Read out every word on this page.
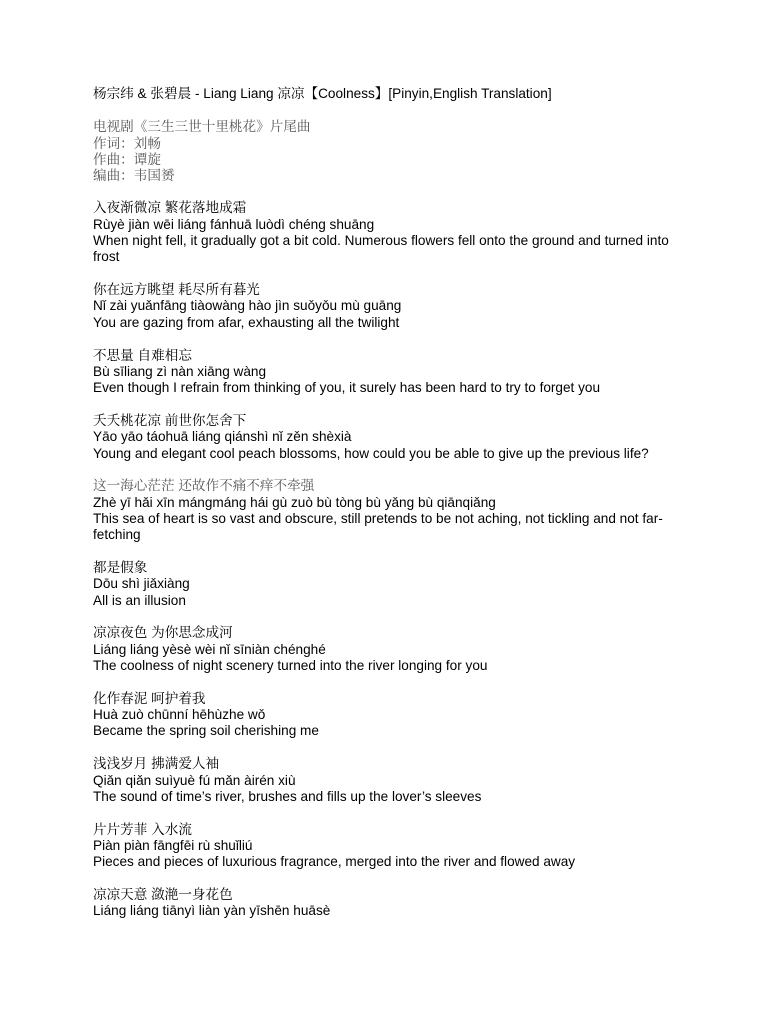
杨宗纬 & 张碧晨 - Liang Liang 凉凉【Coolness】[Pinyin,English Translation]
电视剧《三生三世十里桃花》片尾曲
作词：刘畅
作曲：谭旋
编曲：韦国赟
入夜渐微凉 繁花落地成霜
Rùyè jiàn wēi liáng fánhuā luòdì chéng shuāng
When night fell, it gradually got a bit cold. Numerous flowers fell onto the ground and turned into frost
你在远方眺望 耗尽所有暮光
Nǐ zài yuǎnfāng tiàowàng hào jìn suǒyǒu mù guāng
You are gazing from afar, exhausting all the twilight
不思量 自难相忘
Bù sīliang zì nàn xiāng wàng
Even though I refrain from thinking of you, it surely has been hard to try to forget you
夭夭桃花凉 前世你怎舍下
Yāo yāo táohuā liáng qiánshì nǐ zěn shèxià
Young and elegant cool peach blossoms, how could you be able to give up the previous life?
这一海心茫茫 还故作不痛不痒不牵强
Zhè yī hǎi xīn mángmáng hái gù zuò bù tòng bù yǎng bù qiānqiǎng
This sea of heart is so vast and obscure, still pretends to be not aching, not tickling and not far-fetching
都是假象
Dōu shì jiǎxiàng
All is an illusion
凉凉夜色 为你思念成河
Liáng liáng yèsè wèi nǐ sīniàn chénghé
The coolness of night scenery turned into the river longing for you
化作春泥 呵护着我
Huà zuò chūnní hēhùzhe wǒ
Became the spring soil cherishing me
浅浅岁月 拂满爱人袖
Qiǎn qiǎn suìyuè fú mǎn àirén xiù
The sound of time’s river, brushes and fills up the lover’s sleeves
片片芳菲 入水流
Piàn piàn fāngfēi rù shuǐliú
Pieces and pieces of luxurious fragrance, merged into the river and flowed away
凉凉天意 潋滟一身花色
Liáng liáng tiānyì liàn yàn yīshēn huāsè
